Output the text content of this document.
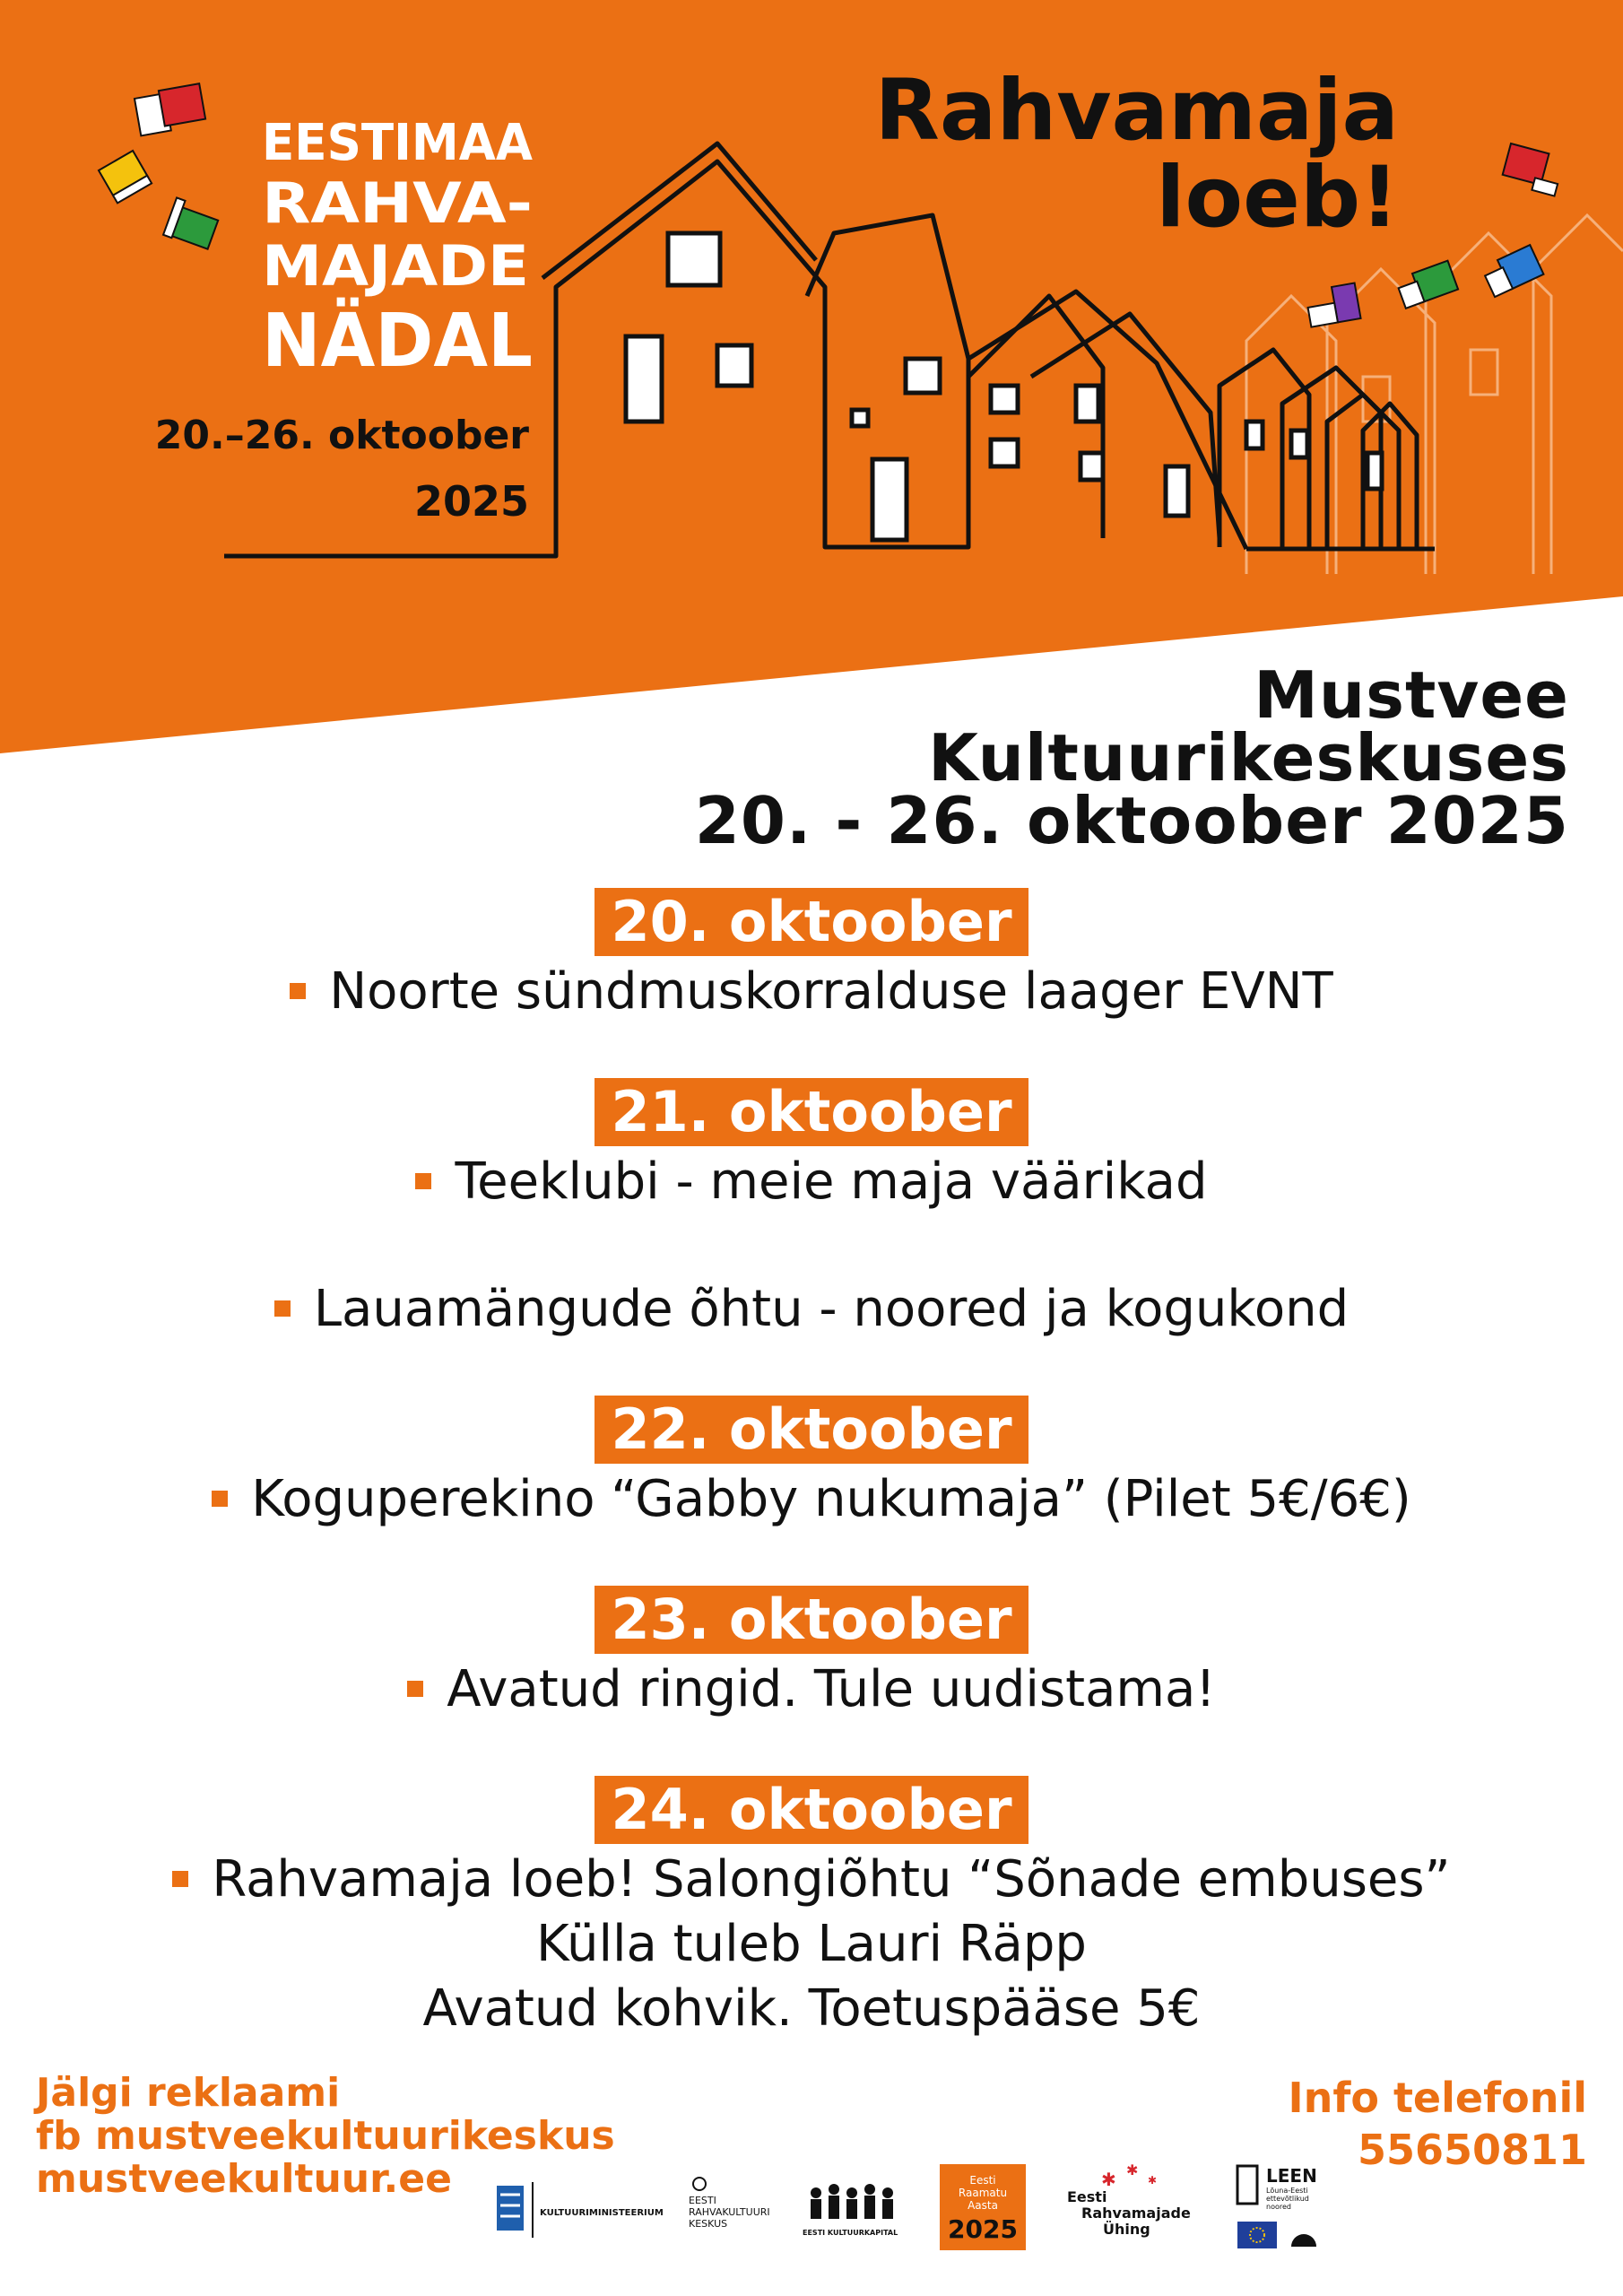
EESTIMAA
RAHVA-
MAJADE
NÄDAL
20.–26. oktoober
2025
Rahvamaja
loeb!
Mustvee
Kultuurikeskuses
20. - 26. oktoober 2025
20. oktoober
Noorte sündmuskorralduse laager EVNT
21. oktoober
Teeklubi - meie maja väärikad
Lauamängude õhtu - noored ja kogukond
22. oktoober
Koguperekino “Gabby nukumaja” (Pilet 5€/6€)
23. oktoober
Avatud ringid. Tule uudistama!
24. oktoober
Rahvamaja loeb! Salongiõhtu “Sõnade embuses”
Külla tuleb Lauri Räpp
Avatud kohvik. Toetuspääse 5€
Jälgi reklaami
fb mustveekultuurikeskus
mustveekultuur.ee
Info telefonil
55650811
KULTUURIMINISTEERIUM
EESTI
RAHVAKULTUURI
KESKUS
EESTI KULTUURKAPITAL
Eesti
Raamatu
Aasta
2025
✱ ✱
✱
Eesti
Rahvamajade
Ühing
LEEN
Lõuna-Eesti
ettevõtlikud
noored
